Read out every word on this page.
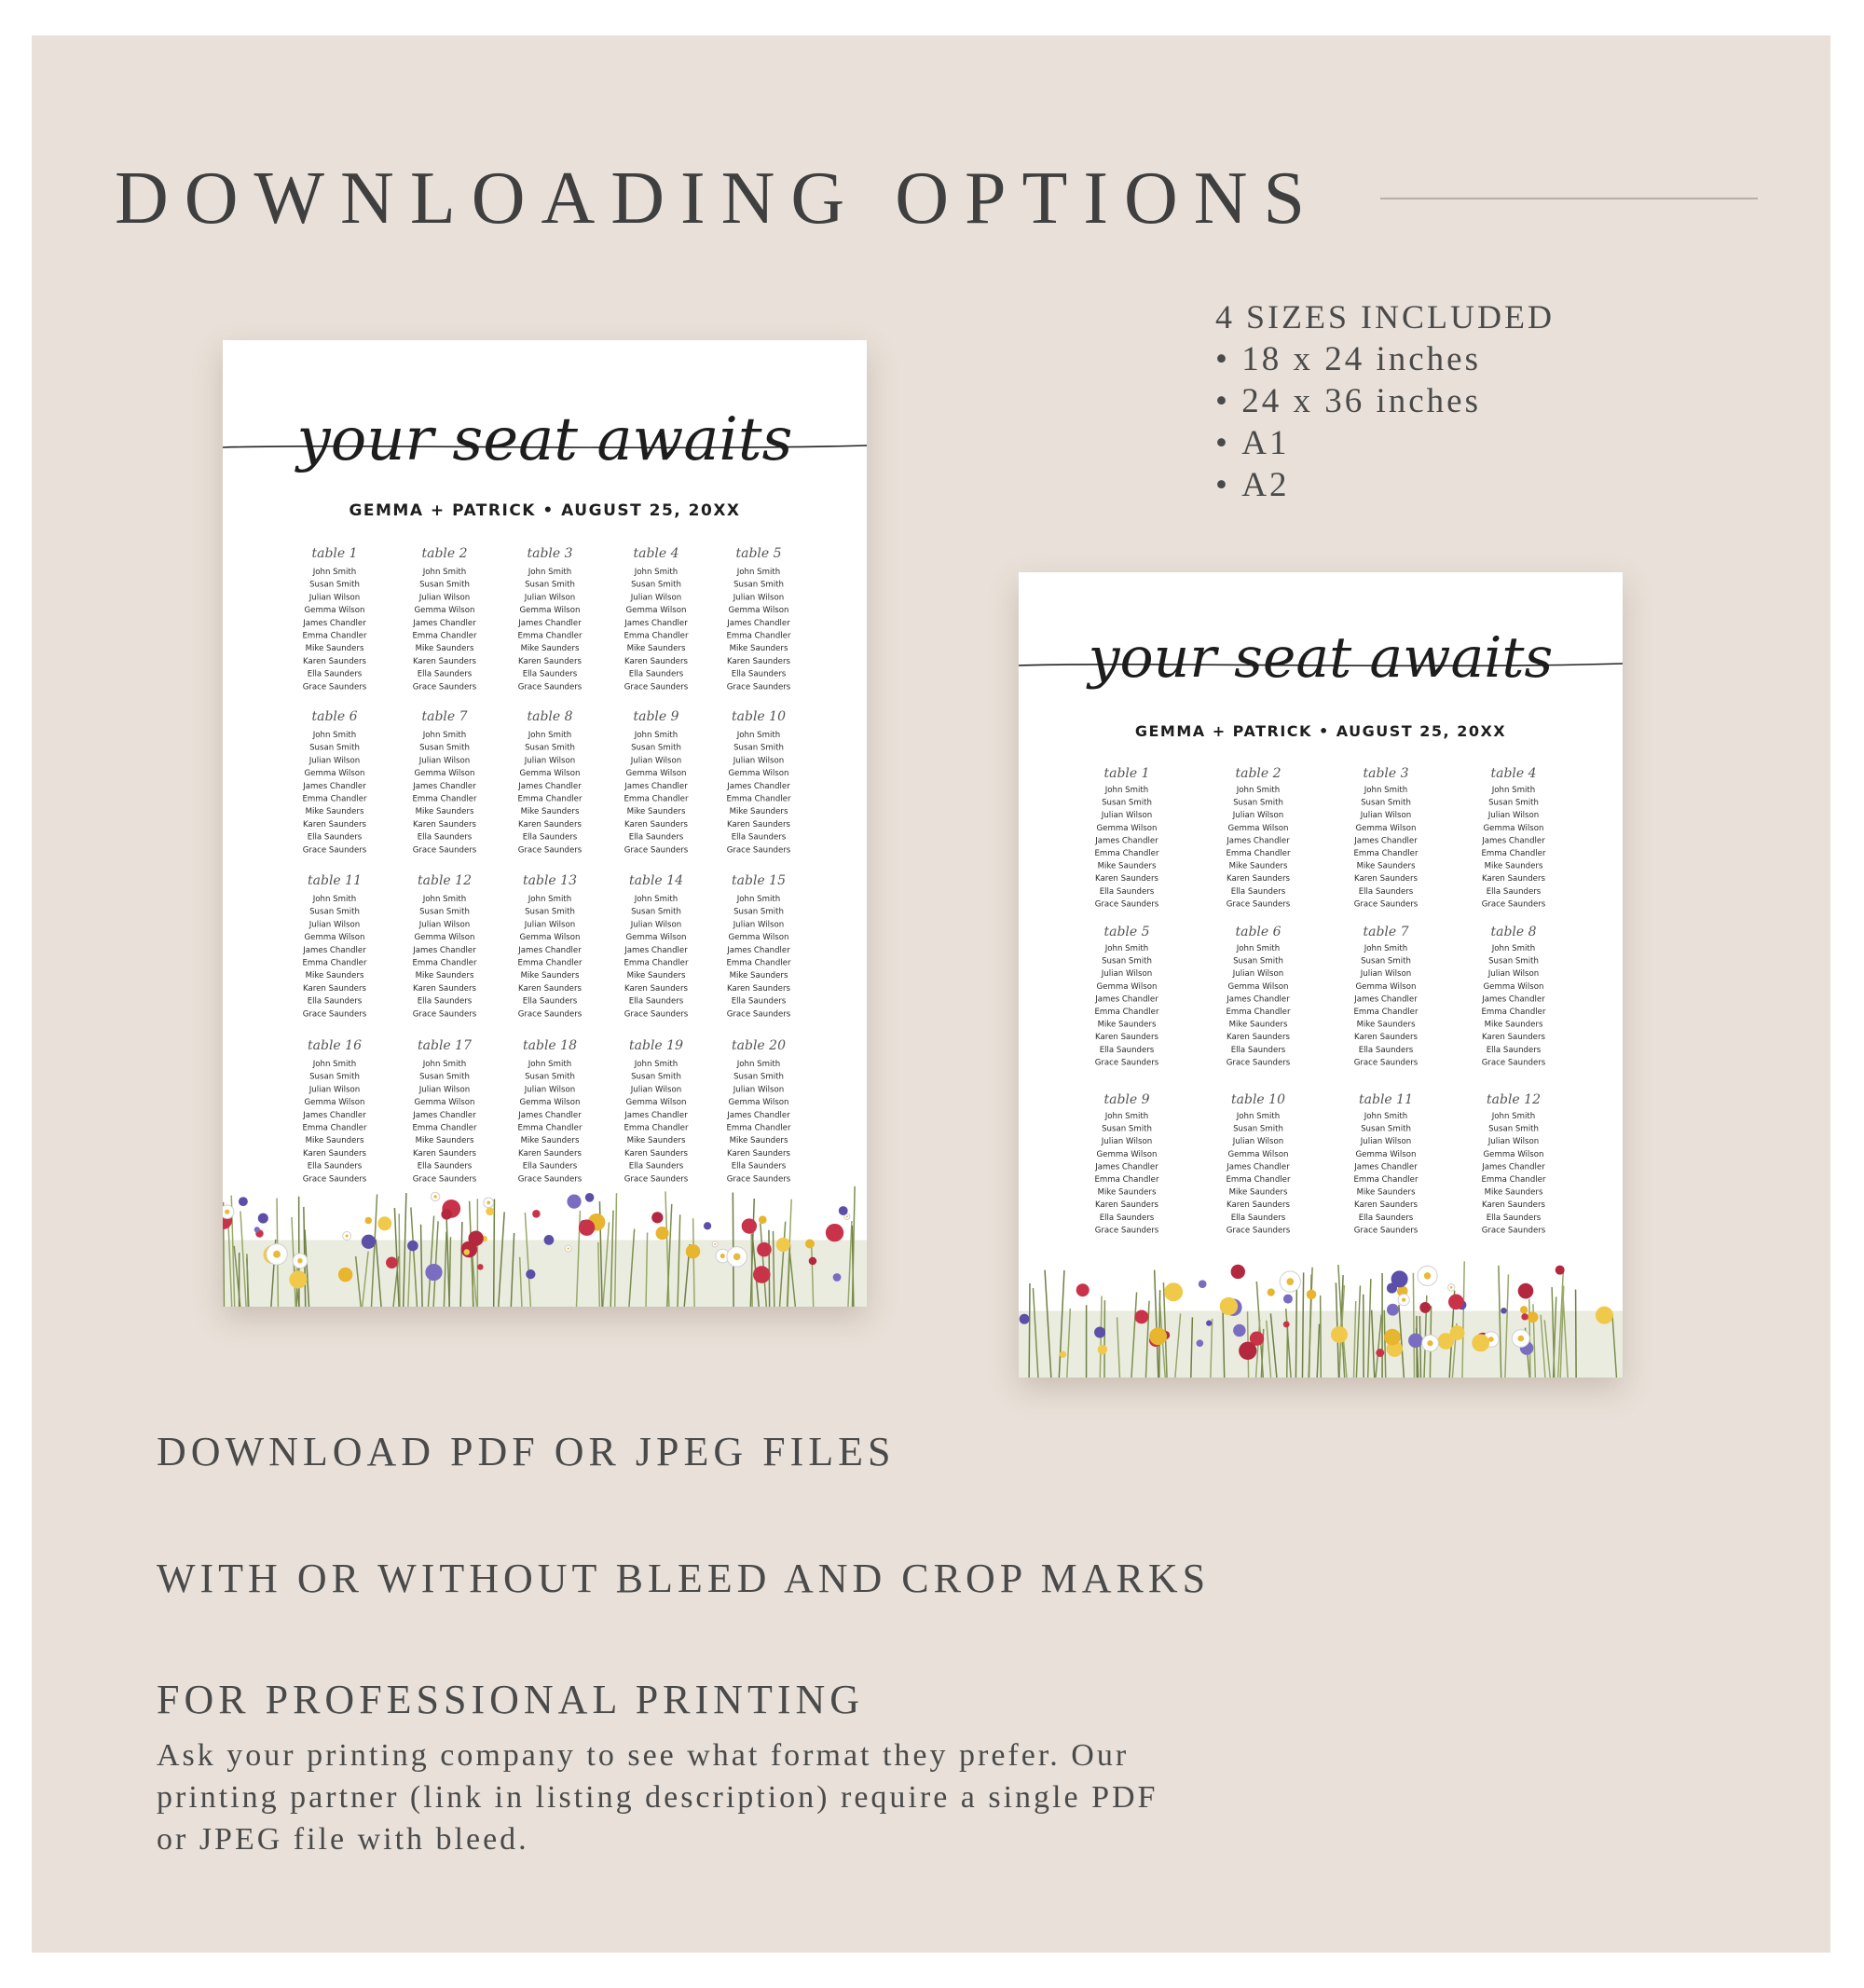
DOWNLOADING OPTIONS
4 SIZES INCLUDED
• 18 x 24 inches
• 24 x 36 inches
• A1
• A2
your seat awaits
GEMMA + PATRICK • AUGUST 25, 20XX
table 1
John Smith
Susan Smith
Julian Wilson
Gemma Wilson
James Chandler
Emma Chandler
Mike Saunders
Karen Saunders
Ella Saunders
Grace Saunders
table 2
John Smith
Susan Smith
Julian Wilson
Gemma Wilson
James Chandler
Emma Chandler
Mike Saunders
Karen Saunders
Ella Saunders
Grace Saunders
table 3
John Smith
Susan Smith
Julian Wilson
Gemma Wilson
James Chandler
Emma Chandler
Mike Saunders
Karen Saunders
Ella Saunders
Grace Saunders
table 4
John Smith
Susan Smith
Julian Wilson
Gemma Wilson
James Chandler
Emma Chandler
Mike Saunders
Karen Saunders
Ella Saunders
Grace Saunders
table 5
John Smith
Susan Smith
Julian Wilson
Gemma Wilson
James Chandler
Emma Chandler
Mike Saunders
Karen Saunders
Ella Saunders
Grace Saunders
table 6
John Smith
Susan Smith
Julian Wilson
Gemma Wilson
James Chandler
Emma Chandler
Mike Saunders
Karen Saunders
Ella Saunders
Grace Saunders
table 7
John Smith
Susan Smith
Julian Wilson
Gemma Wilson
James Chandler
Emma Chandler
Mike Saunders
Karen Saunders
Ella Saunders
Grace Saunders
table 8
John Smith
Susan Smith
Julian Wilson
Gemma Wilson
James Chandler
Emma Chandler
Mike Saunders
Karen Saunders
Ella Saunders
Grace Saunders
table 9
John Smith
Susan Smith
Julian Wilson
Gemma Wilson
James Chandler
Emma Chandler
Mike Saunders
Karen Saunders
Ella Saunders
Grace Saunders
table 10
John Smith
Susan Smith
Julian Wilson
Gemma Wilson
James Chandler
Emma Chandler
Mike Saunders
Karen Saunders
Ella Saunders
Grace Saunders
table 11
John Smith
Susan Smith
Julian Wilson
Gemma Wilson
James Chandler
Emma Chandler
Mike Saunders
Karen Saunders
Ella Saunders
Grace Saunders
table 12
John Smith
Susan Smith
Julian Wilson
Gemma Wilson
James Chandler
Emma Chandler
Mike Saunders
Karen Saunders
Ella Saunders
Grace Saunders
table 13
John Smith
Susan Smith
Julian Wilson
Gemma Wilson
James Chandler
Emma Chandler
Mike Saunders
Karen Saunders
Ella Saunders
Grace Saunders
table 14
John Smith
Susan Smith
Julian Wilson
Gemma Wilson
James Chandler
Emma Chandler
Mike Saunders
Karen Saunders
Ella Saunders
Grace Saunders
table 15
John Smith
Susan Smith
Julian Wilson
Gemma Wilson
James Chandler
Emma Chandler
Mike Saunders
Karen Saunders
Ella Saunders
Grace Saunders
table 16
John Smith
Susan Smith
Julian Wilson
Gemma Wilson
James Chandler
Emma Chandler
Mike Saunders
Karen Saunders
Ella Saunders
Grace Saunders
table 17
John Smith
Susan Smith
Julian Wilson
Gemma Wilson
James Chandler
Emma Chandler
Mike Saunders
Karen Saunders
Ella Saunders
Grace Saunders
table 18
John Smith
Susan Smith
Julian Wilson
Gemma Wilson
James Chandler
Emma Chandler
Mike Saunders
Karen Saunders
Ella Saunders
Grace Saunders
table 19
John Smith
Susan Smith
Julian Wilson
Gemma Wilson
James Chandler
Emma Chandler
Mike Saunders
Karen Saunders
Ella Saunders
Grace Saunders
table 20
John Smith
Susan Smith
Julian Wilson
Gemma Wilson
James Chandler
Emma Chandler
Mike Saunders
Karen Saunders
Ella Saunders
Grace Saunders
your seat awaits
GEMMA + PATRICK • AUGUST 25, 20XX
table 1
John Smith
Susan Smith
Julian Wilson
Gemma Wilson
James Chandler
Emma Chandler
Mike Saunders
Karen Saunders
Ella Saunders
Grace Saunders
table 2
John Smith
Susan Smith
Julian Wilson
Gemma Wilson
James Chandler
Emma Chandler
Mike Saunders
Karen Saunders
Ella Saunders
Grace Saunders
table 3
John Smith
Susan Smith
Julian Wilson
Gemma Wilson
James Chandler
Emma Chandler
Mike Saunders
Karen Saunders
Ella Saunders
Grace Saunders
table 4
John Smith
Susan Smith
Julian Wilson
Gemma Wilson
James Chandler
Emma Chandler
Mike Saunders
Karen Saunders
Ella Saunders
Grace Saunders
table 5
John Smith
Susan Smith
Julian Wilson
Gemma Wilson
James Chandler
Emma Chandler
Mike Saunders
Karen Saunders
Ella Saunders
Grace Saunders
table 6
John Smith
Susan Smith
Julian Wilson
Gemma Wilson
James Chandler
Emma Chandler
Mike Saunders
Karen Saunders
Ella Saunders
Grace Saunders
table 7
John Smith
Susan Smith
Julian Wilson
Gemma Wilson
James Chandler
Emma Chandler
Mike Saunders
Karen Saunders
Ella Saunders
Grace Saunders
table 8
John Smith
Susan Smith
Julian Wilson
Gemma Wilson
James Chandler
Emma Chandler
Mike Saunders
Karen Saunders
Ella Saunders
Grace Saunders
table 9
John Smith
Susan Smith
Julian Wilson
Gemma Wilson
James Chandler
Emma Chandler
Mike Saunders
Karen Saunders
Ella Saunders
Grace Saunders
table 10
John Smith
Susan Smith
Julian Wilson
Gemma Wilson
James Chandler
Emma Chandler
Mike Saunders
Karen Saunders
Ella Saunders
Grace Saunders
table 11
John Smith
Susan Smith
Julian Wilson
Gemma Wilson
James Chandler
Emma Chandler
Mike Saunders
Karen Saunders
Ella Saunders
Grace Saunders
table 12
John Smith
Susan Smith
Julian Wilson
Gemma Wilson
James Chandler
Emma Chandler
Mike Saunders
Karen Saunders
Ella Saunders
Grace Saunders
DOWNLOAD PDF OR JPEG FILES
WITH OR WITHOUT BLEED AND CROP MARKS
FOR PROFESSIONAL PRINTING
Ask your printing company to see what format they prefer. Our printing partner (link in listing description) require a single PDF or JPEG file with bleed.
